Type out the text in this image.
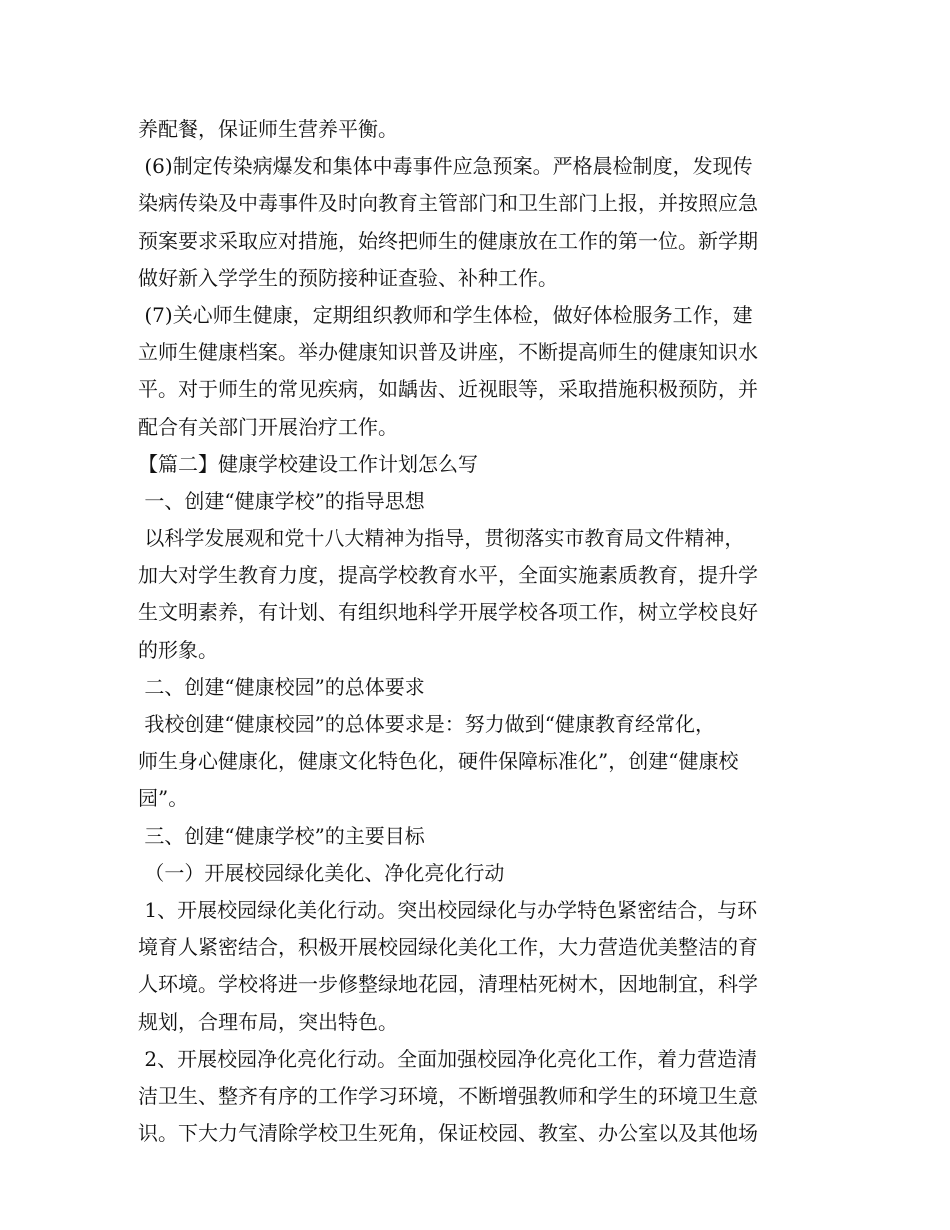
养配餐，保证师生营养平衡。
(6)制定传染病爆发和集体中毒事件应急预案。严格晨检制度，发现传
染病传染及中毒事件及时向教育主管部门和卫生部门上报，并按照应急
预案要求采取应对措施，始终把师生的健康放在工作的第一位。新学期
做好新入学学生的预防接种证查验、补种工作。
(7)关心师生健康，定期组织教师和学生体检，做好体检服务工作，建
立师生健康档案。举办健康知识普及讲座，不断提高师生的健康知识水
平。对于师生的常见疾病，如龋齿、近视眼等，采取措施积极预防，并
配合有关部门开展治疗工作。
【篇二】健康学校建设工作计划怎么写
一、创建“健康学校”的指导思想
以科学发展观和党十八大精神为指导，贯彻落实市教育局文件精神，
加大对学生教育力度，提高学校教育水平，全面实施素质教育，提升学
生文明素养，有计划、有组织地科学开展学校各项工作，树立学校良好
的形象。
二、创建“健康校园”的总体要求
我校创建“健康校园”的总体要求是：努力做到“健康教育经常化，
师生身心健康化，健康文化特色化，硬件保障标准化”，创建“健康校
园”。
三、创建“健康学校”的主要目标
（一）开展校园绿化美化、净化亮化行动
1、开展校园绿化美化行动。突出校园绿化与办学特色紧密结合，与环
境育人紧密结合，积极开展校园绿化美化工作，大力营造优美整洁的育
人环境。学校将进一步修整绿地花园，清理枯死树木，因地制宜，科学
规划，合理布局，突出特色。
2、开展校园净化亮化行动。全面加强校园净化亮化工作，着力营造清
洁卫生、整齐有序的工作学习环境，不断增强教师和学生的环境卫生意
识。下大力气清除学校卫生死角，保证校园、教室、办公室以及其他场
